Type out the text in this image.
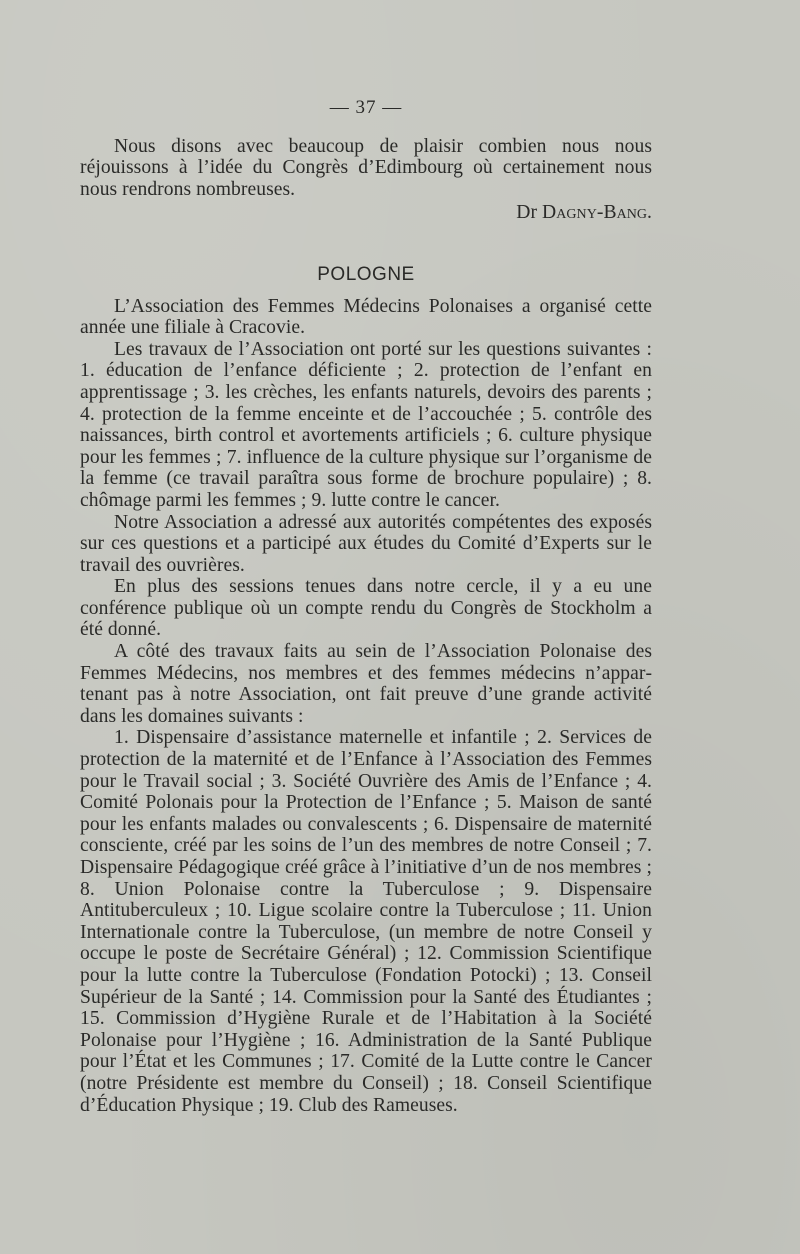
— 37 —

Nous disons avec beaucoup de plaisir combien nous nous réjouissons à l’idée du Congrès d’Edimbourg où certainement nous nous rendrons nombreuses.

Dr Dagny-Bang.

POLOGNE

L’Association des Femmes Médecins Polonaises a organisé cette année une filiale à Cracovie.

Les travaux de l’Association ont porté sur les questions suivantes : 1. éducation de l’enfance déficiente ; 2. protection de l’enfant en apprentissage ; 3. les crèches, les enfants naturels, devoirs des parents ; 4. protection de la femme enceinte et de l’accouchée ; 5. contrôle des naissances, birth control et avortements artificiels ; 6. culture physique pour les femmes ; 7. influence de la culture physique sur l’organisme de la femme (ce travail paraîtra sous forme de brochure populaire) ; 8. chômage parmi les femmes ; 9. lutte contre le cancer.

Notre Association a adressé aux autorités compétentes des exposés sur ces questions et a participé aux études du Comité d’Experts sur le travail des ouvrières.

En plus des sessions tenues dans notre cercle, il y a eu une conférence publique où un compte rendu du Congrès de Stockholm a été donné.

A côté des travaux faits au sein de l’Association Polonaise des Femmes Médecins, nos membres et des femmes médecins n’appartenant pas à notre Association, ont fait preuve d’une grande activité dans les domaines suivants :

1. Dispensaire d’assistance maternelle et infantile ; 2. Services de protection de la maternité et de l’Enfance à l’Association des Femmes pour le Travail social ; 3. Société Ouvrière des Amis de l’Enfance ; 4. Comité Polonais pour la Protection de l’Enfance ; 5. Maison de santé pour les enfants malades ou convalescents ; 6. Dispensaire de maternité consciente, créé par les soins de l’un des membres de notre Conseil ; 7. Dispensaire Pédagogique créé grâce à l’initiative d’un de nos membres ; 8. Union Polonaise contre la Tuberculose ; 9. Dispensaire Antituberculeux ; 10. Ligue scolaire contre la Tuberculose ; 11. Union Internationale contre la Tuberculose, (un membre de notre Conseil y occupe le poste de Secrétaire Général) ; 12. Commission Scientifique pour la lutte contre la Tuberculose (Fondation Potocki) ; 13. Conseil Supérieur de la Santé ; 14. Commission pour la Santé des Étudiantes ; 15. Commission d’Hygiène Rurale et de l’Habitation à la Société Polonaise pour l’Hygiène ; 16. Administration de la Santé Publique pour l’État et les Communes ; 17. Comité de la Lutte contre le Cancer (notre Présidente est membre du Conseil) ; 18. Conseil Scientifique d’Éducation Physique ; 19. Club des Rameuses.
